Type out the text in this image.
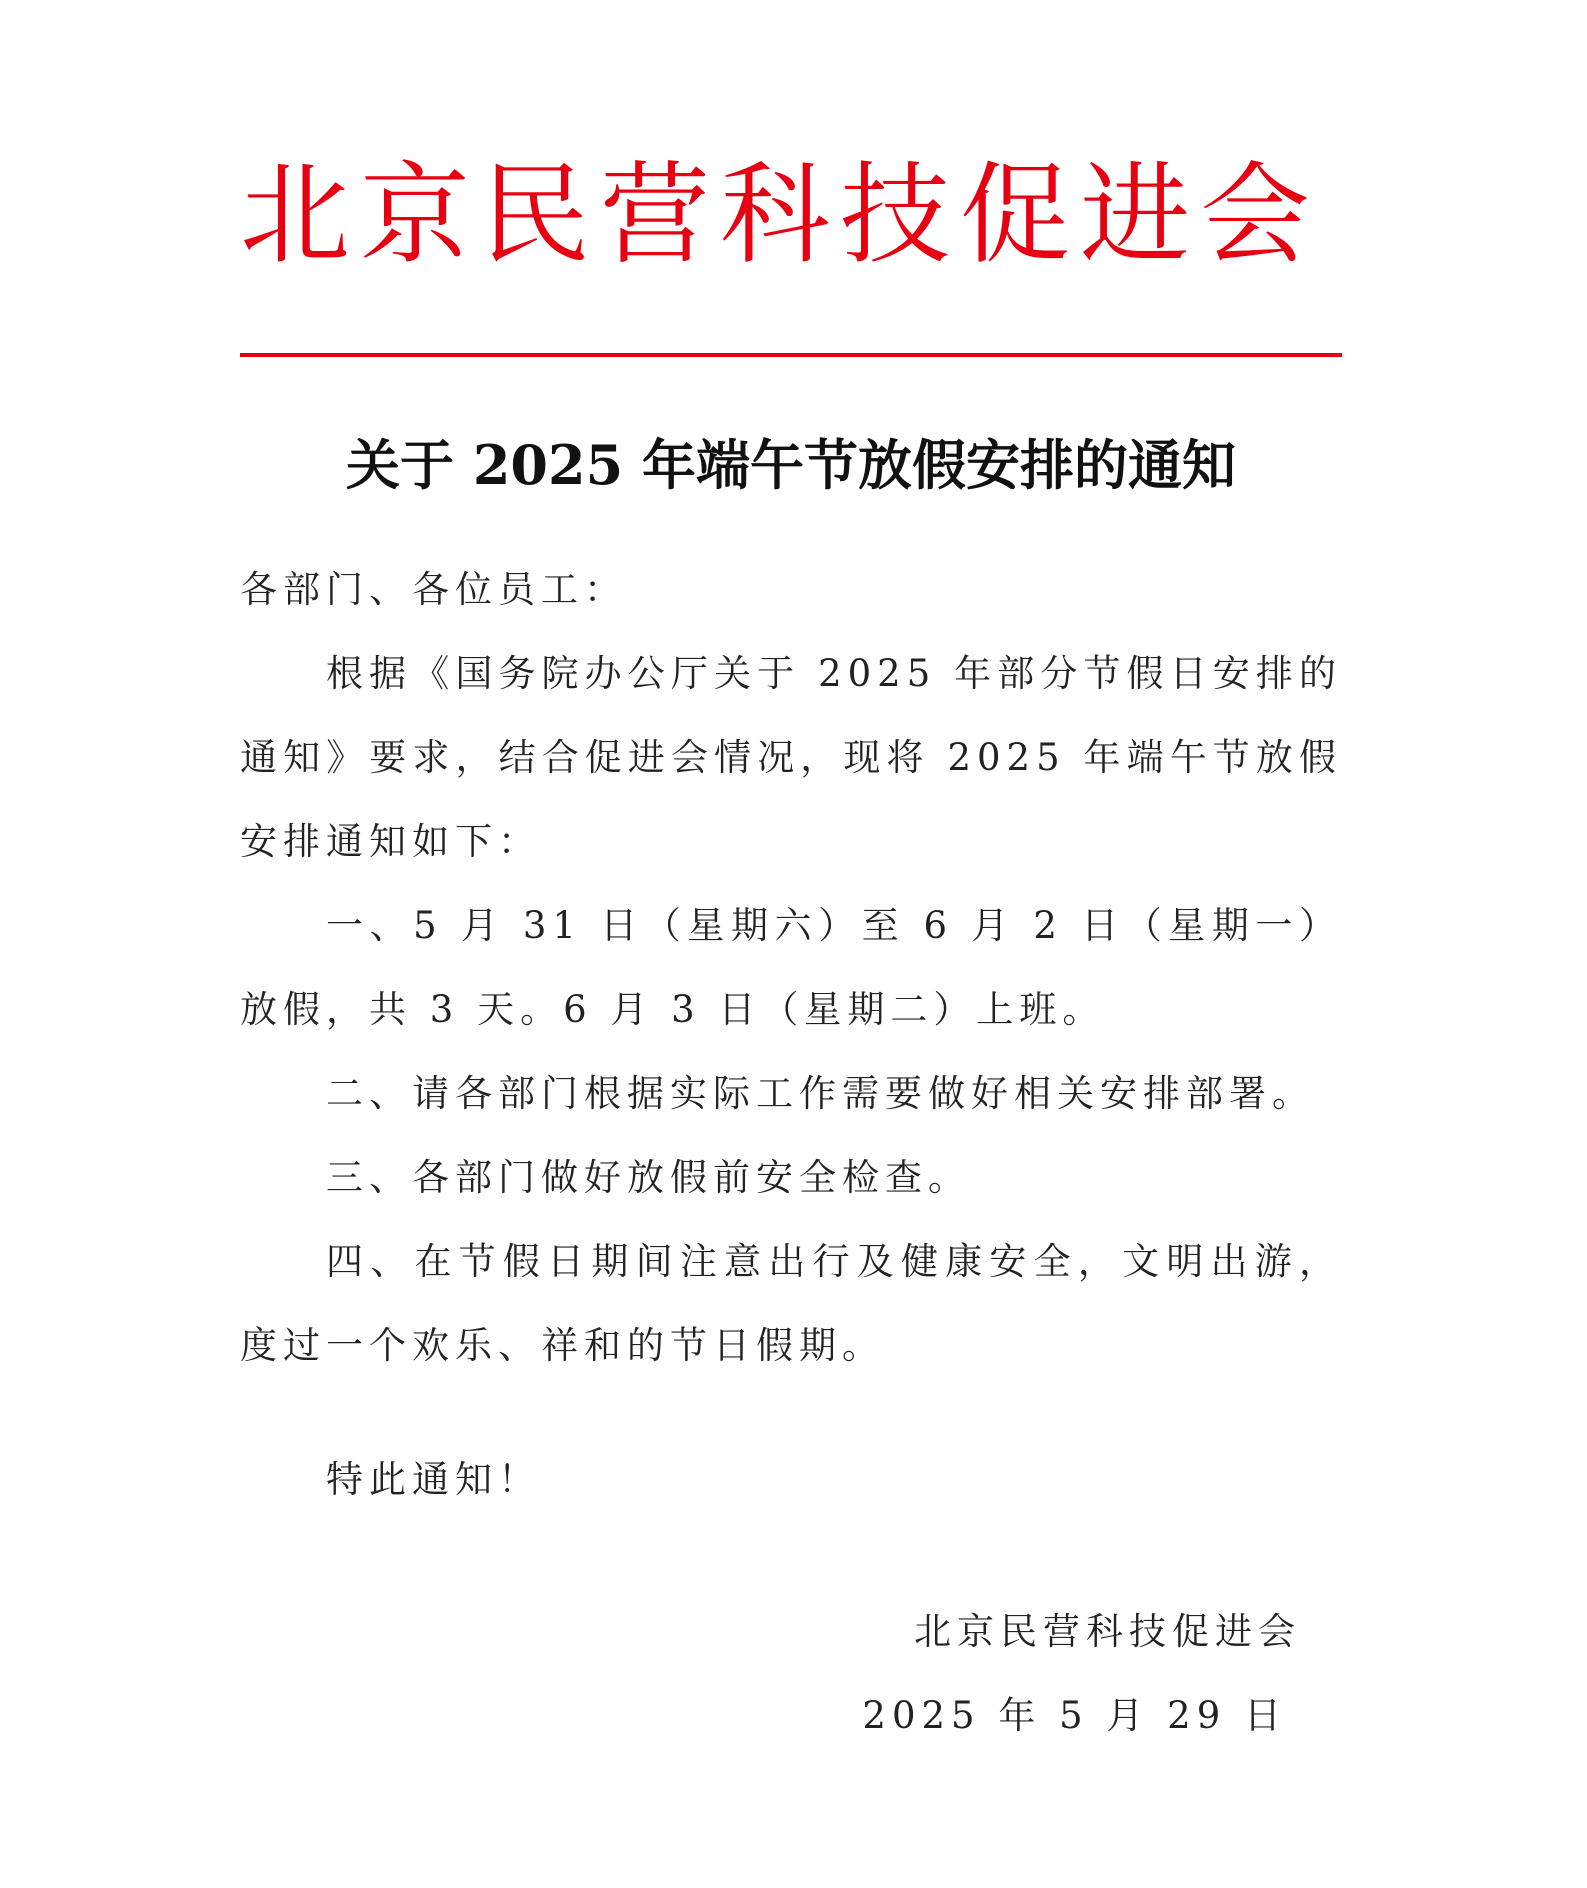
北京民营科技促进会
关于 2025 年端午节放假安排的通知

各部门、各位员工：

根据《国务院办公厅关于 2025 年部分节假日安排的通知》要求，结合促进会情况，现将 2025 年端午节放假安排通知如下：

一、5 月 31 日（星期六）至 6 月 2 日（星期一）放假，共 3 天。6 月 3 日（星期二）上班。

二、请各部门根据实际工作需要做好相关安排部署。

三、各部门做好放假前安全检查。

四、在节假日期间注意出行及健康安全，文明出游，度过一个欢乐、祥和的节日假期。

特此通知！

北京民营科技促进会
2025 年 5 月 29 日
